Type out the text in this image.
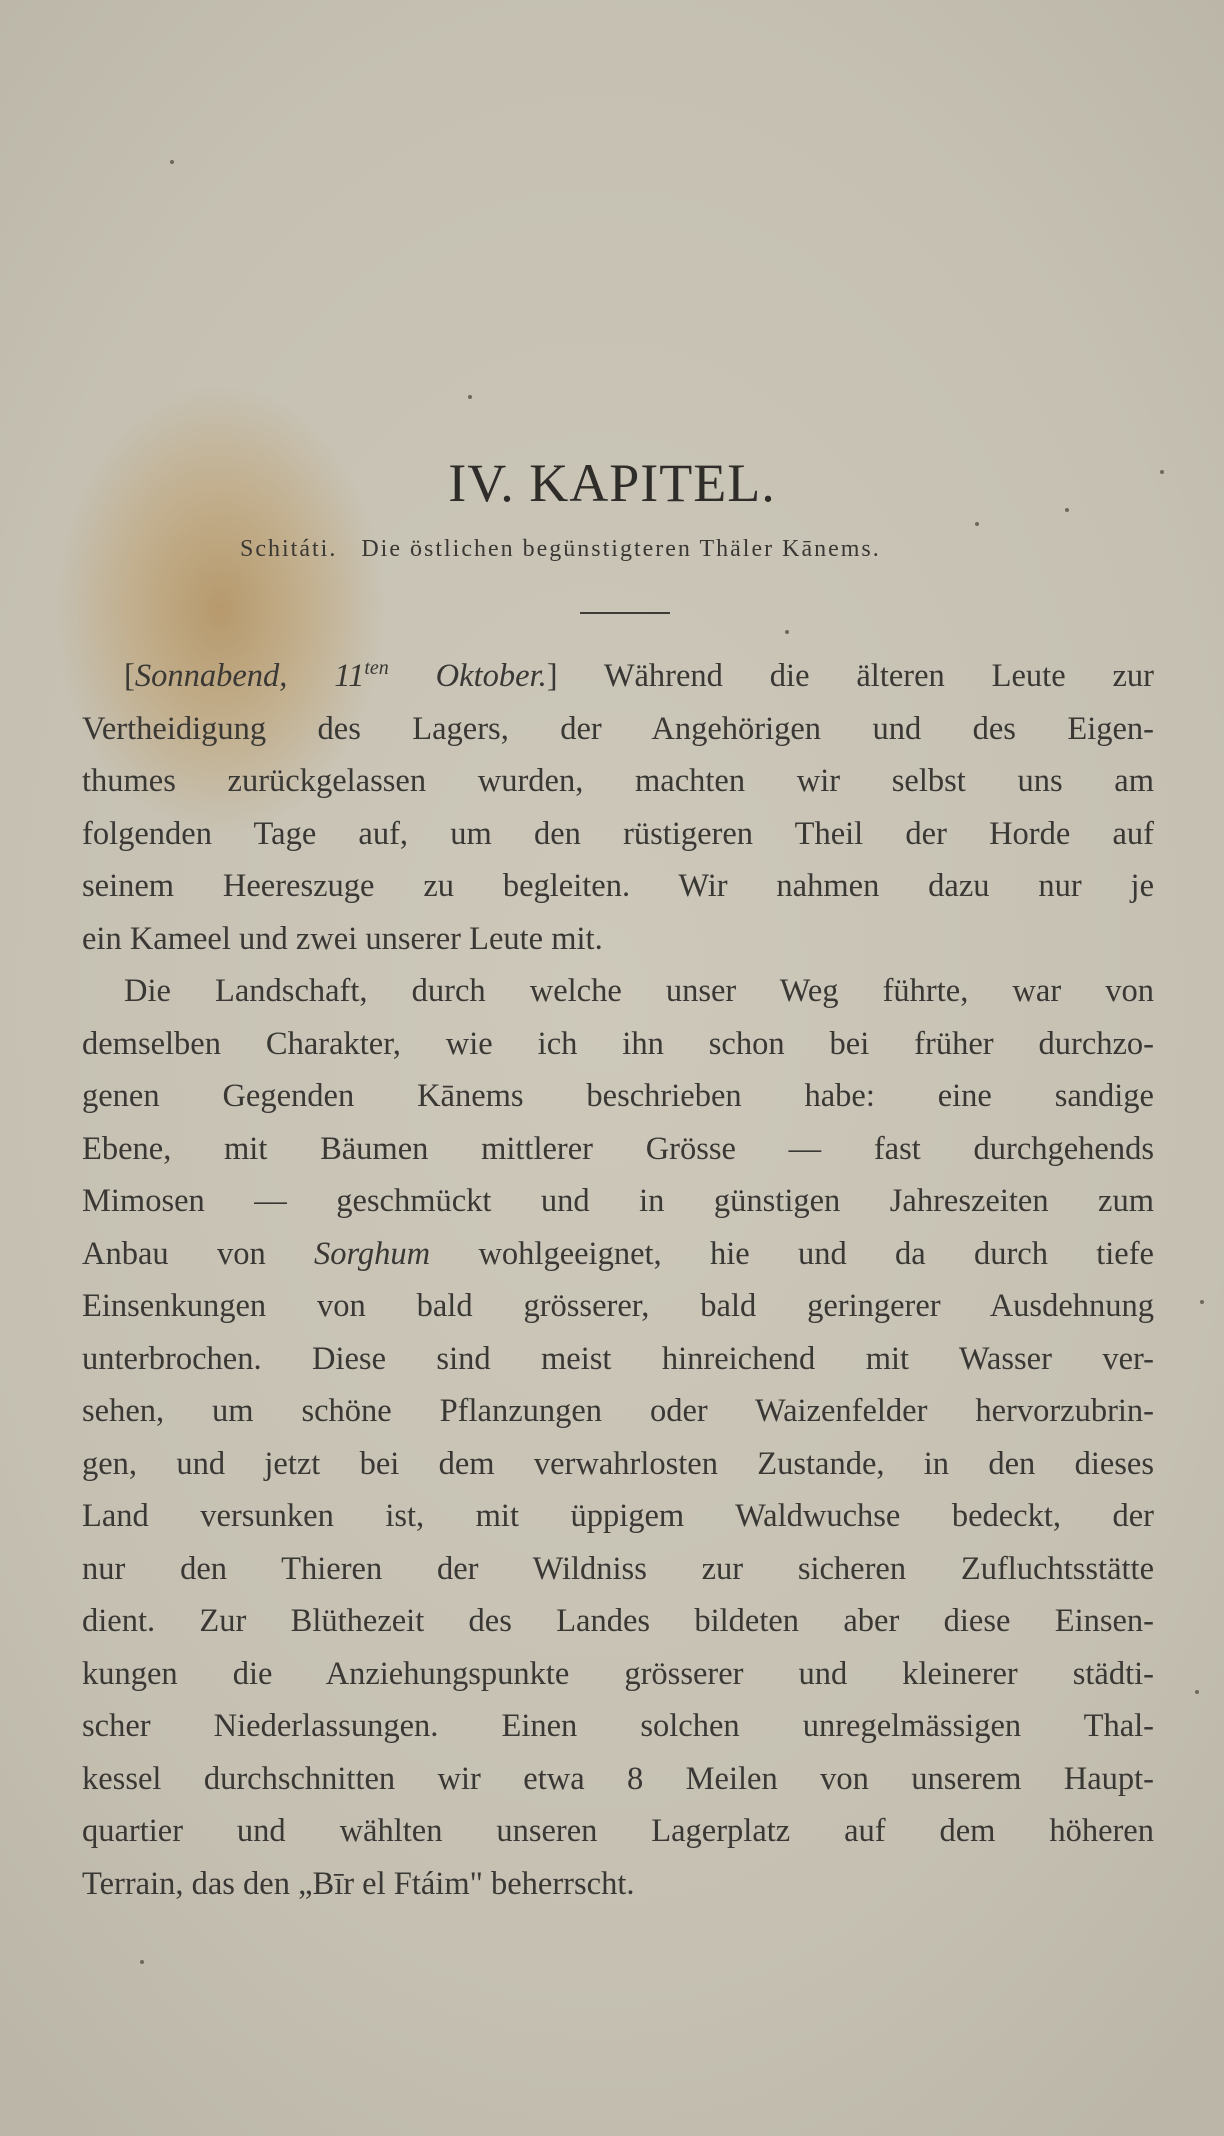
IV. KAPITEL.
Schitáti. Die östlichen begünstigteren Thäler Kānems.

[Sonnabend, $11^{ten}$ Oktober.] Während die älteren Leute zur
Vertheidigung des Lagers, der Angehörigen und des Eigen-
thumes zurückgelassen wurden, machten wir selbst uns am
folgenden Tage auf, um den rüstigeren Theil der Horde auf
seinem Heereszuge zu begleiten. Wir nahmen dazu nur je
ein Kameel und zwei unserer Leute mit.

Die Landschaft, durch welche unser Weg führte, war von
demselben Charakter, wie ich ihn schon bei früher durchzo-
genen Gegenden Kānems beschrieben habe: eine sandige
Ebene, mit Bäumen mittlerer Grösse — fast durchgehends
Mimosen — geschmückt und in günstigen Jahreszeiten zum
Anbau von Sorghum wohlgeeignet, hie und da durch tiefe
Einsenkungen von bald grösserer, bald geringerer Ausdehnung
unterbrochen. Diese sind meist hinreichend mit Wasser ver-
sehen, um schöne Pflanzungen oder Waizenfelder hervorzubrin-
gen, und jetzt bei dem verwahrlosten Zustande, in den dieses
Land versunken ist, mit üppigem Waldwuchse bedeckt, der
nur den Thieren der Wildniss zur sicheren Zufluchtsstätte
dient. Zur Blüthezeit des Landes bildeten aber diese Einsen-
kungen die Anziehungspunkte grösserer und kleinerer städti-
scher Niederlassungen. Einen solchen unregelmässigen Thal-
kessel durchschnitten wir etwa 8 Meilen von unserem Haupt-
quartier und wählten unseren Lagerplatz auf dem höheren
Terrain, das den „Bīr el Ftáim" beherrscht.
